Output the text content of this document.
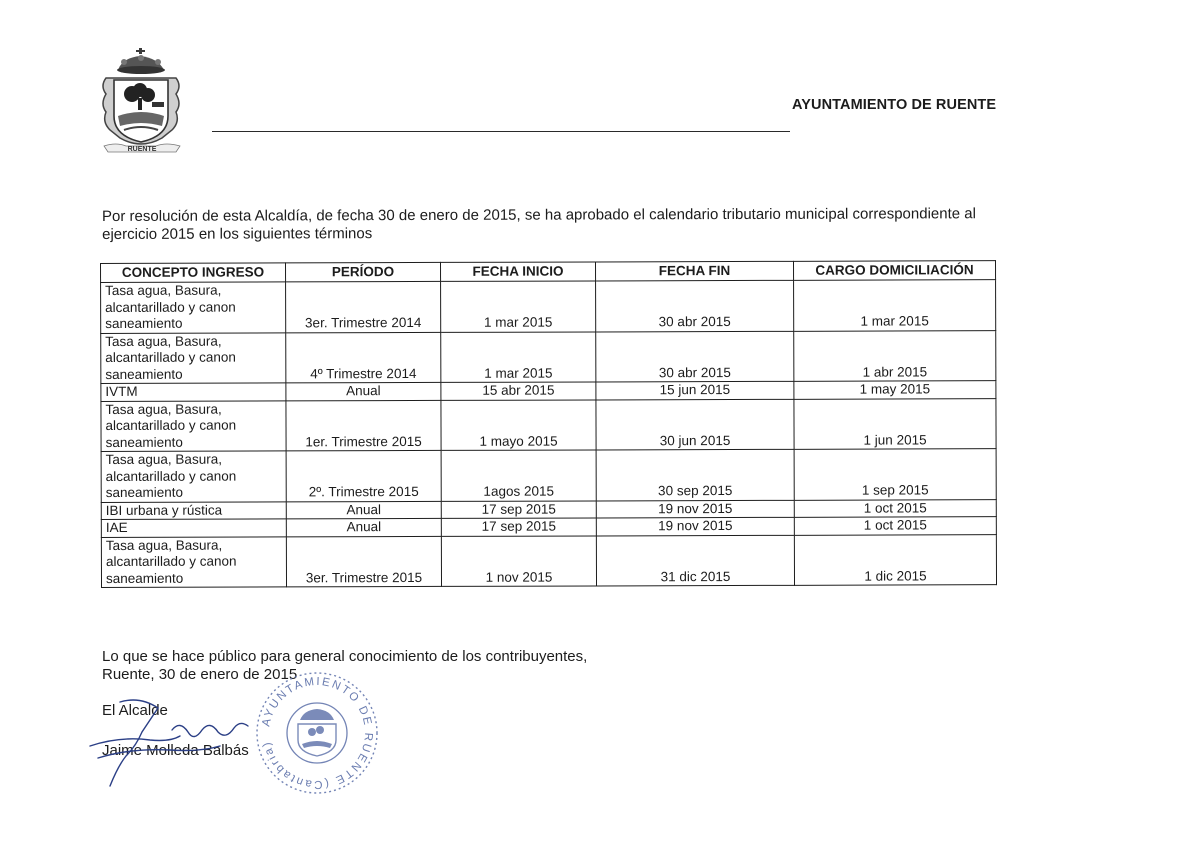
RUENTE
AYUNTAMIENTO DE RUENTE
Por resolución de esta Alcaldía, de fecha 30 de enero de 2015, se ha aprobado el calendario tributario municipal correspondiente al ejercicio 2015 en los siguientes términos
CONCEPTO INGRESO	PERÍODO	FECHA INICIO	FECHA FIN	CARGO DOMICILIACIÓN
Tasa agua, Basura, alcantarillado y canon saneamiento	3er. Trimestre 2014	1 mar 2015	30 abr 2015	1 mar 2015
Tasa agua, Basura, alcantarillado y canon saneamiento	4º Trimestre 2014	1 mar 2015	30 abr 2015	1 abr 2015
IVTM	Anual	15 abr 2015	15 jun 2015	1 may 2015
Tasa agua, Basura, alcantarillado y canon saneamiento	1er. Trimestre 2015	1 mayo 2015	30 jun 2015	1 jun 2015
Tasa agua, Basura, alcantarillado y canon saneamiento	2º. Trimestre 2015	1agos 2015	30 sep 2015	1 sep 2015
IBI urbana y rústica	Anual	17 sep 2015	19 nov 2015	1 oct 2015
IAE	Anual	17 sep 2015	19 nov 2015	1 oct 2015
Tasa agua, Basura, alcantarillado y canon saneamiento	3er. Trimestre 2015	1 nov 2015	31 dic 2015	1 dic 2015
Lo que se hace público para general conocimiento de los contribuyentes,
Ruente, 30 de enero de 2015
El Alcalde
Jaime Molleda Balbás
AYUNTAMIENTO DE RUENTE (Cantabria)
